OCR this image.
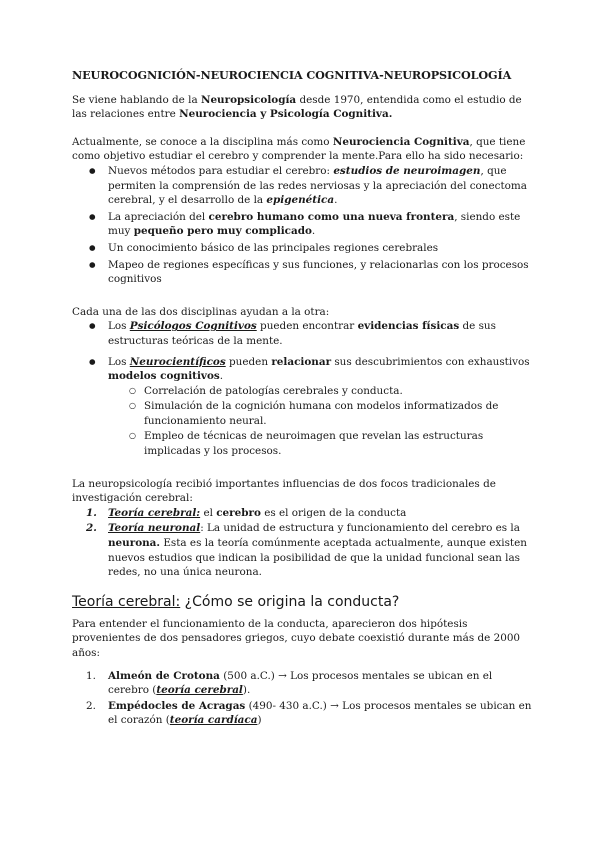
NEUROCOGNICIÓN-NEUROCIENCIA COGNITIVA-NEUROPSICOLOGÍA

Se viene hablando de la Neuropsicología desde 1970, entendida como el estudio de las relaciones entre Neurociencia y Psicología Cognitiva.

Actualmente, se conoce a la disciplina más como Neurociencia Cognitiva, que tiene como objetivo estudiar el cerebro y comprender la mente.Para ello ha sido necesario:

● Nuevos métodos para estudiar el cerebro: estudios de neuroimagen, que permiten la comprensión de las redes nerviosas y la apreciación del conectoma cerebral, y el desarrollo de la epigenética.
● La apreciación del cerebro humano como una nueva frontera, siendo este muy pequeño pero muy complicado.
● Un conocimiento básico de las principales regiones cerebrales
● Mapeo de regiones específicas y sus funciones, y relacionarlas con los procesos cognitivos

Cada una de las dos disciplinas ayudan a la otra:

● Los Psicólogos Cognitivos pueden encontrar evidencias físicas de sus estructuras teóricas de la mente.
● Los Neurocientíficos pueden relacionar sus descubrimientos con exhaustivos modelos cognitivos.
○ Correlación de patologías cerebrales y conducta.
○ Simulación de la cognición humana con modelos informatizados de funcionamiento neural.
○ Empleo de técnicas de neuroimagen que revelan las estructuras implicadas y los procesos.

La neuropsicología recibió importantes influencias de dos focos tradicionales de investigación cerebral:

1. Teoría cerebral: el cerebro es el origen de la conducta
2. Teoría neuronal: La unidad de estructura y funcionamiento del cerebro es la neurona. Esta es la teoría comúnmente aceptada actualmente, aunque existen nuevos estudios que indican la posibilidad de que la unidad funcional sean las redes, no una única neurona.
Teoría cerebral: ¿Cómo se origina la conducta?

Para entender el funcionamiento de la conducta, aparecieron dos hipótesis provenientes de dos pensadores griegos, cuyo debate coexistió durante más de 2000 años:

1. Almeón de Crotona (500 a.C.) → Los procesos mentales se ubican en el cerebro (teoría cerebral).
2. Empédocles de Acragas (490- 430 a.C.) → Los procesos mentales se ubican en el corazón (teoría cardíaca)
